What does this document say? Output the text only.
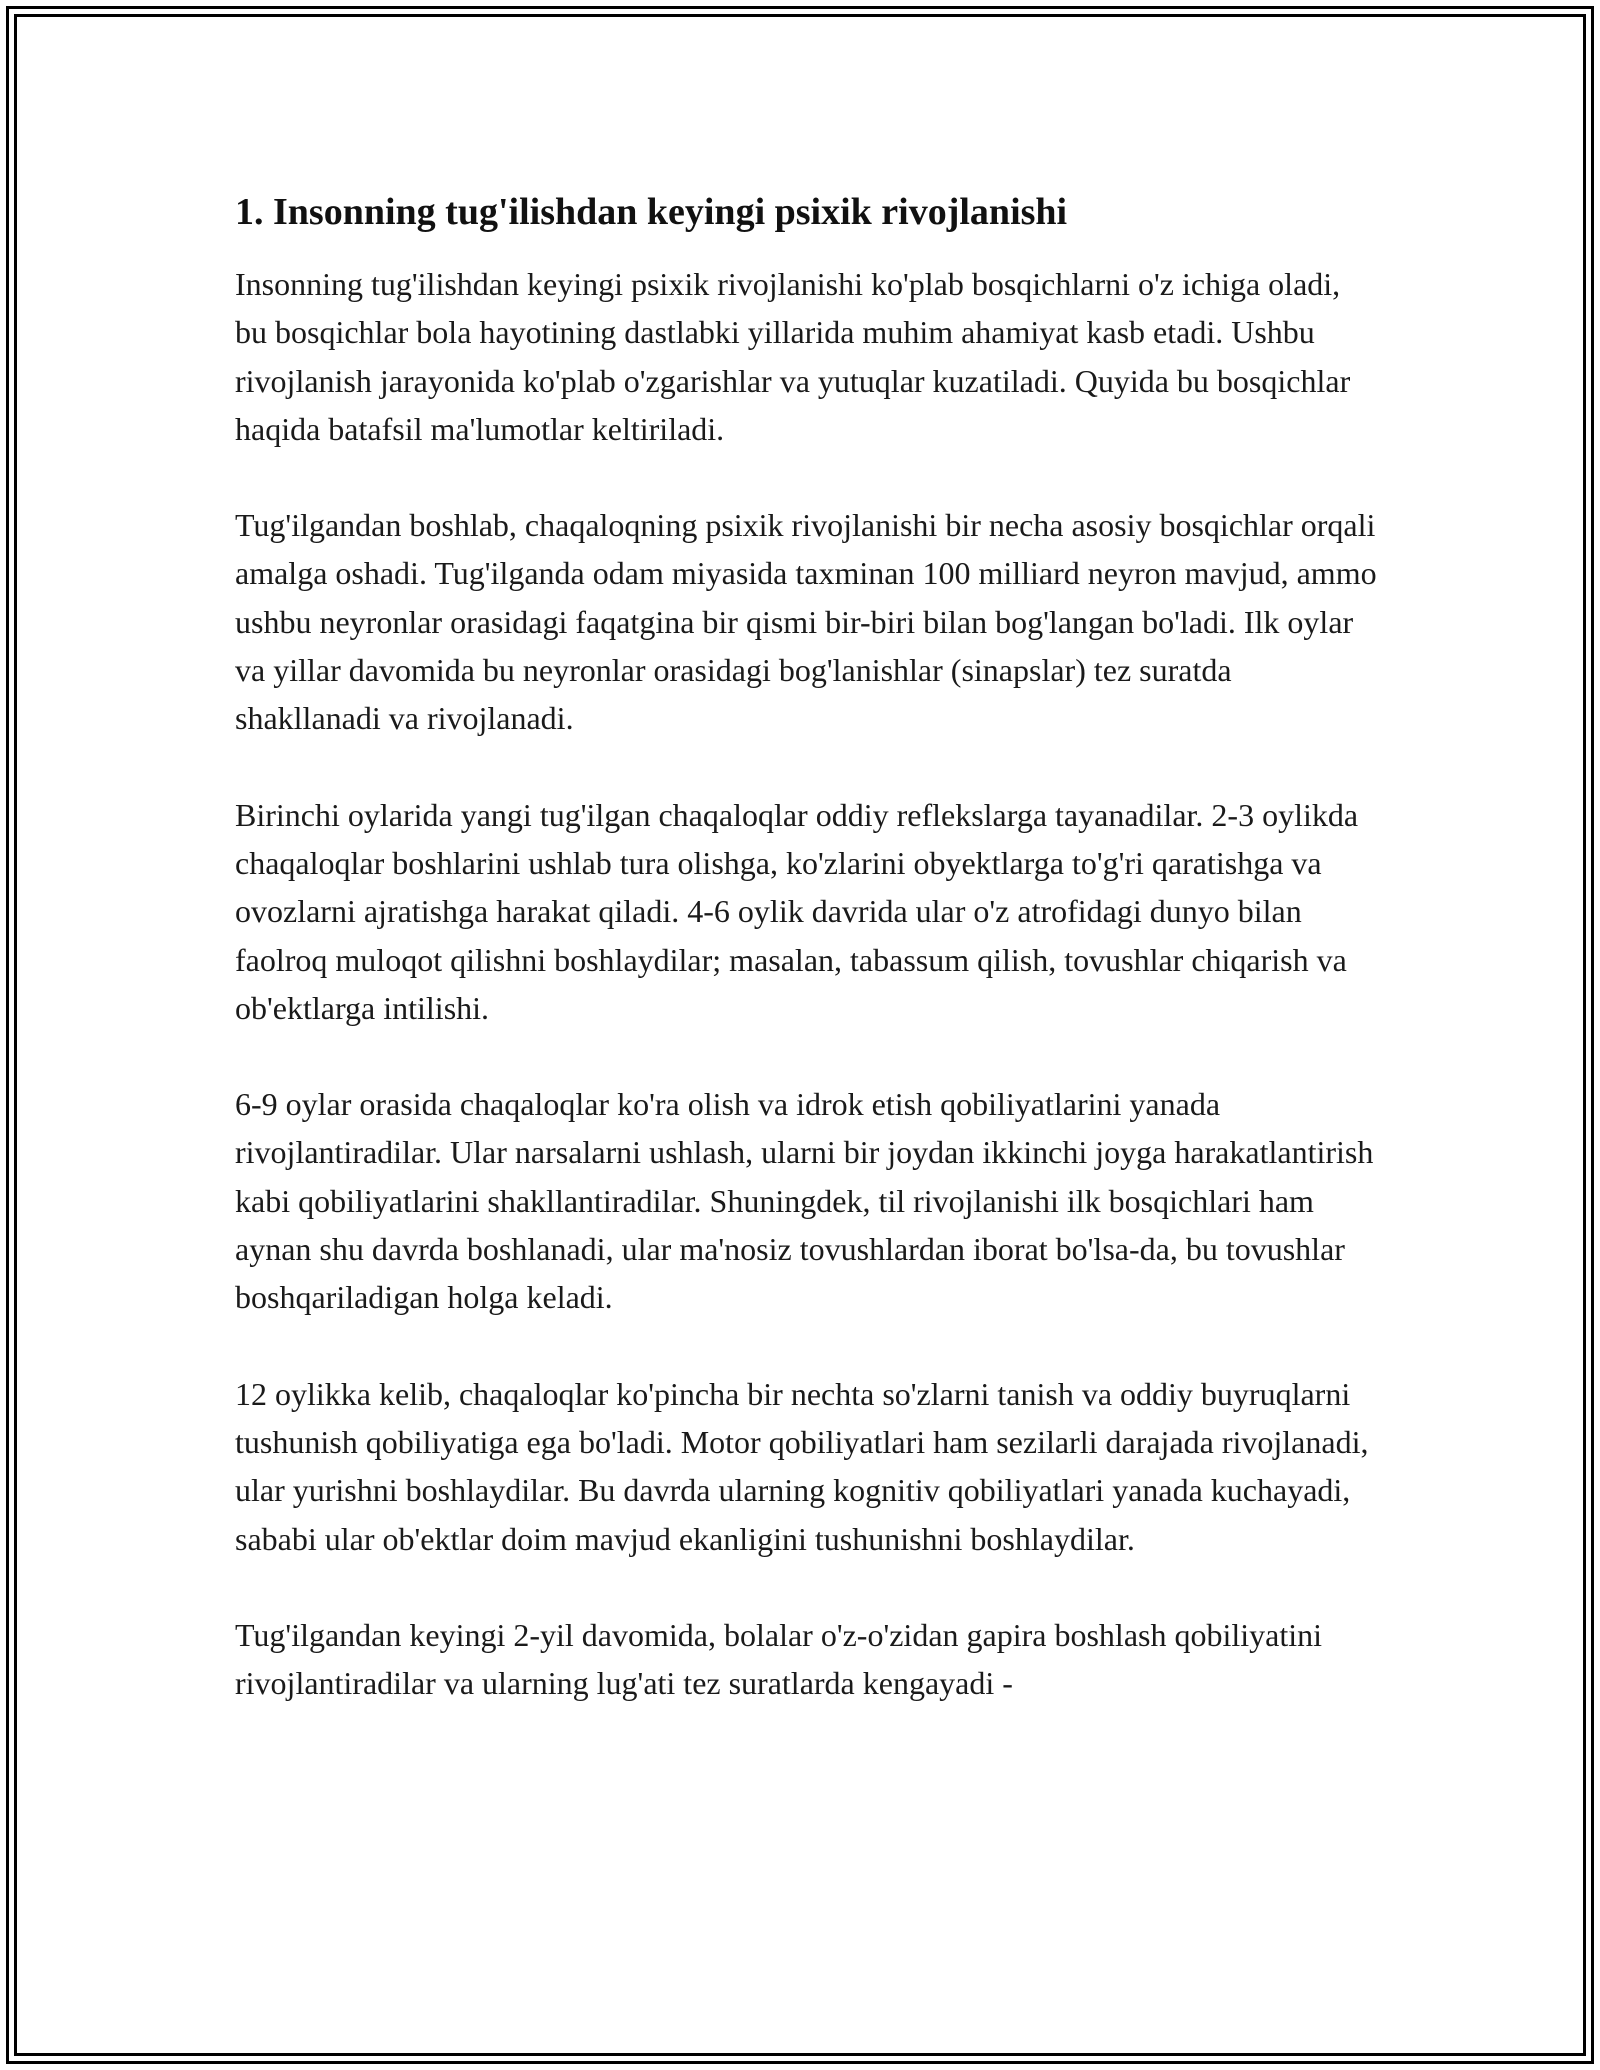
1. Insonning tug'ilishdan keyingi psixik rivojlanishi

Insonning tug'ilishdan keyingi psixik rivojlanishi ko'plab bosqichlarni o'z ichiga oladi, bu bosqichlar bola hayotining dastlabki yillarida muhim ahamiyat kasb etadi. Ushbu rivojlanish jarayonida ko'plab o'zgarishlar va yutuqlar kuzatiladi. Quyida bu bosqichlar haqida batafsil ma'lumotlar keltiriladi.

Tug'ilgandan boshlab, chaqaloqning psixik rivojlanishi bir necha asosiy bosqichlar orqali amalga oshadi. Tug'ilganda odam miyasida taxminan 100 milliard neyron mavjud, ammo ushbu neyronlar orasidagi faqatgina bir qismi bir-biri bilan bog'langan bo'ladi. Ilk oylar va yillar davomida bu neyronlar orasidagi bog'lanishlar (sinapslar) tez suratda shakllanadi va rivojlanadi.

Birinchi oylarida yangi tug'ilgan chaqaloqlar oddiy reflekslarga tayanadilar. 2-3 oylikda chaqaloqlar boshlarini ushlab tura olishga, ko'zlarini obyektlarga to'g'ri qaratishga va ovozlarni ajratishga harakat qiladi. 4-6 oylik davrida ular o'z atrofidagi dunyo bilan faolroq muloqot qilishni boshlaydilar; masalan, tabassum qilish, tovushlar chiqarish va ob'ektlarga intilishi.

6-9 oylar orasida chaqaloqlar ko'ra olish va idrok etish qobiliyatlarini yanada rivojlantiradilar. Ular narsalarni ushlash, ularni bir joydan ikkinchi joyga harakatlantirish kabi qobiliyatlarini shakllantiradilar. Shuningdek, til rivojlanishi ilk bosqichlari ham aynan shu davrda boshlanadi, ular ma'nosiz tovushlardan iborat bo'lsa-da, bu tovushlar boshqariladigan holga keladi.

12 oylikka kelib, chaqaloqlar ko'pincha bir nechta so'zlarni tanish va oddiy buyruqlarni tushunish qobiliyatiga ega bo'ladi. Motor qobiliyatlari ham sezilarli darajada rivojlanadi, ular yurishni boshlaydilar. Bu davrda ularning kognitiv qobiliyatlari yanada kuchayadi, sababi ular ob'ektlar doim mavjud ekanligini tushunishni boshlaydilar.

Tug'ilgandan keyingi 2-yil davomida, bolalar o'z-o'zidan gapira boshlash qobiliyatini rivojlantiradilar va ularning lug'ati tez suratlarda kengayadi -
